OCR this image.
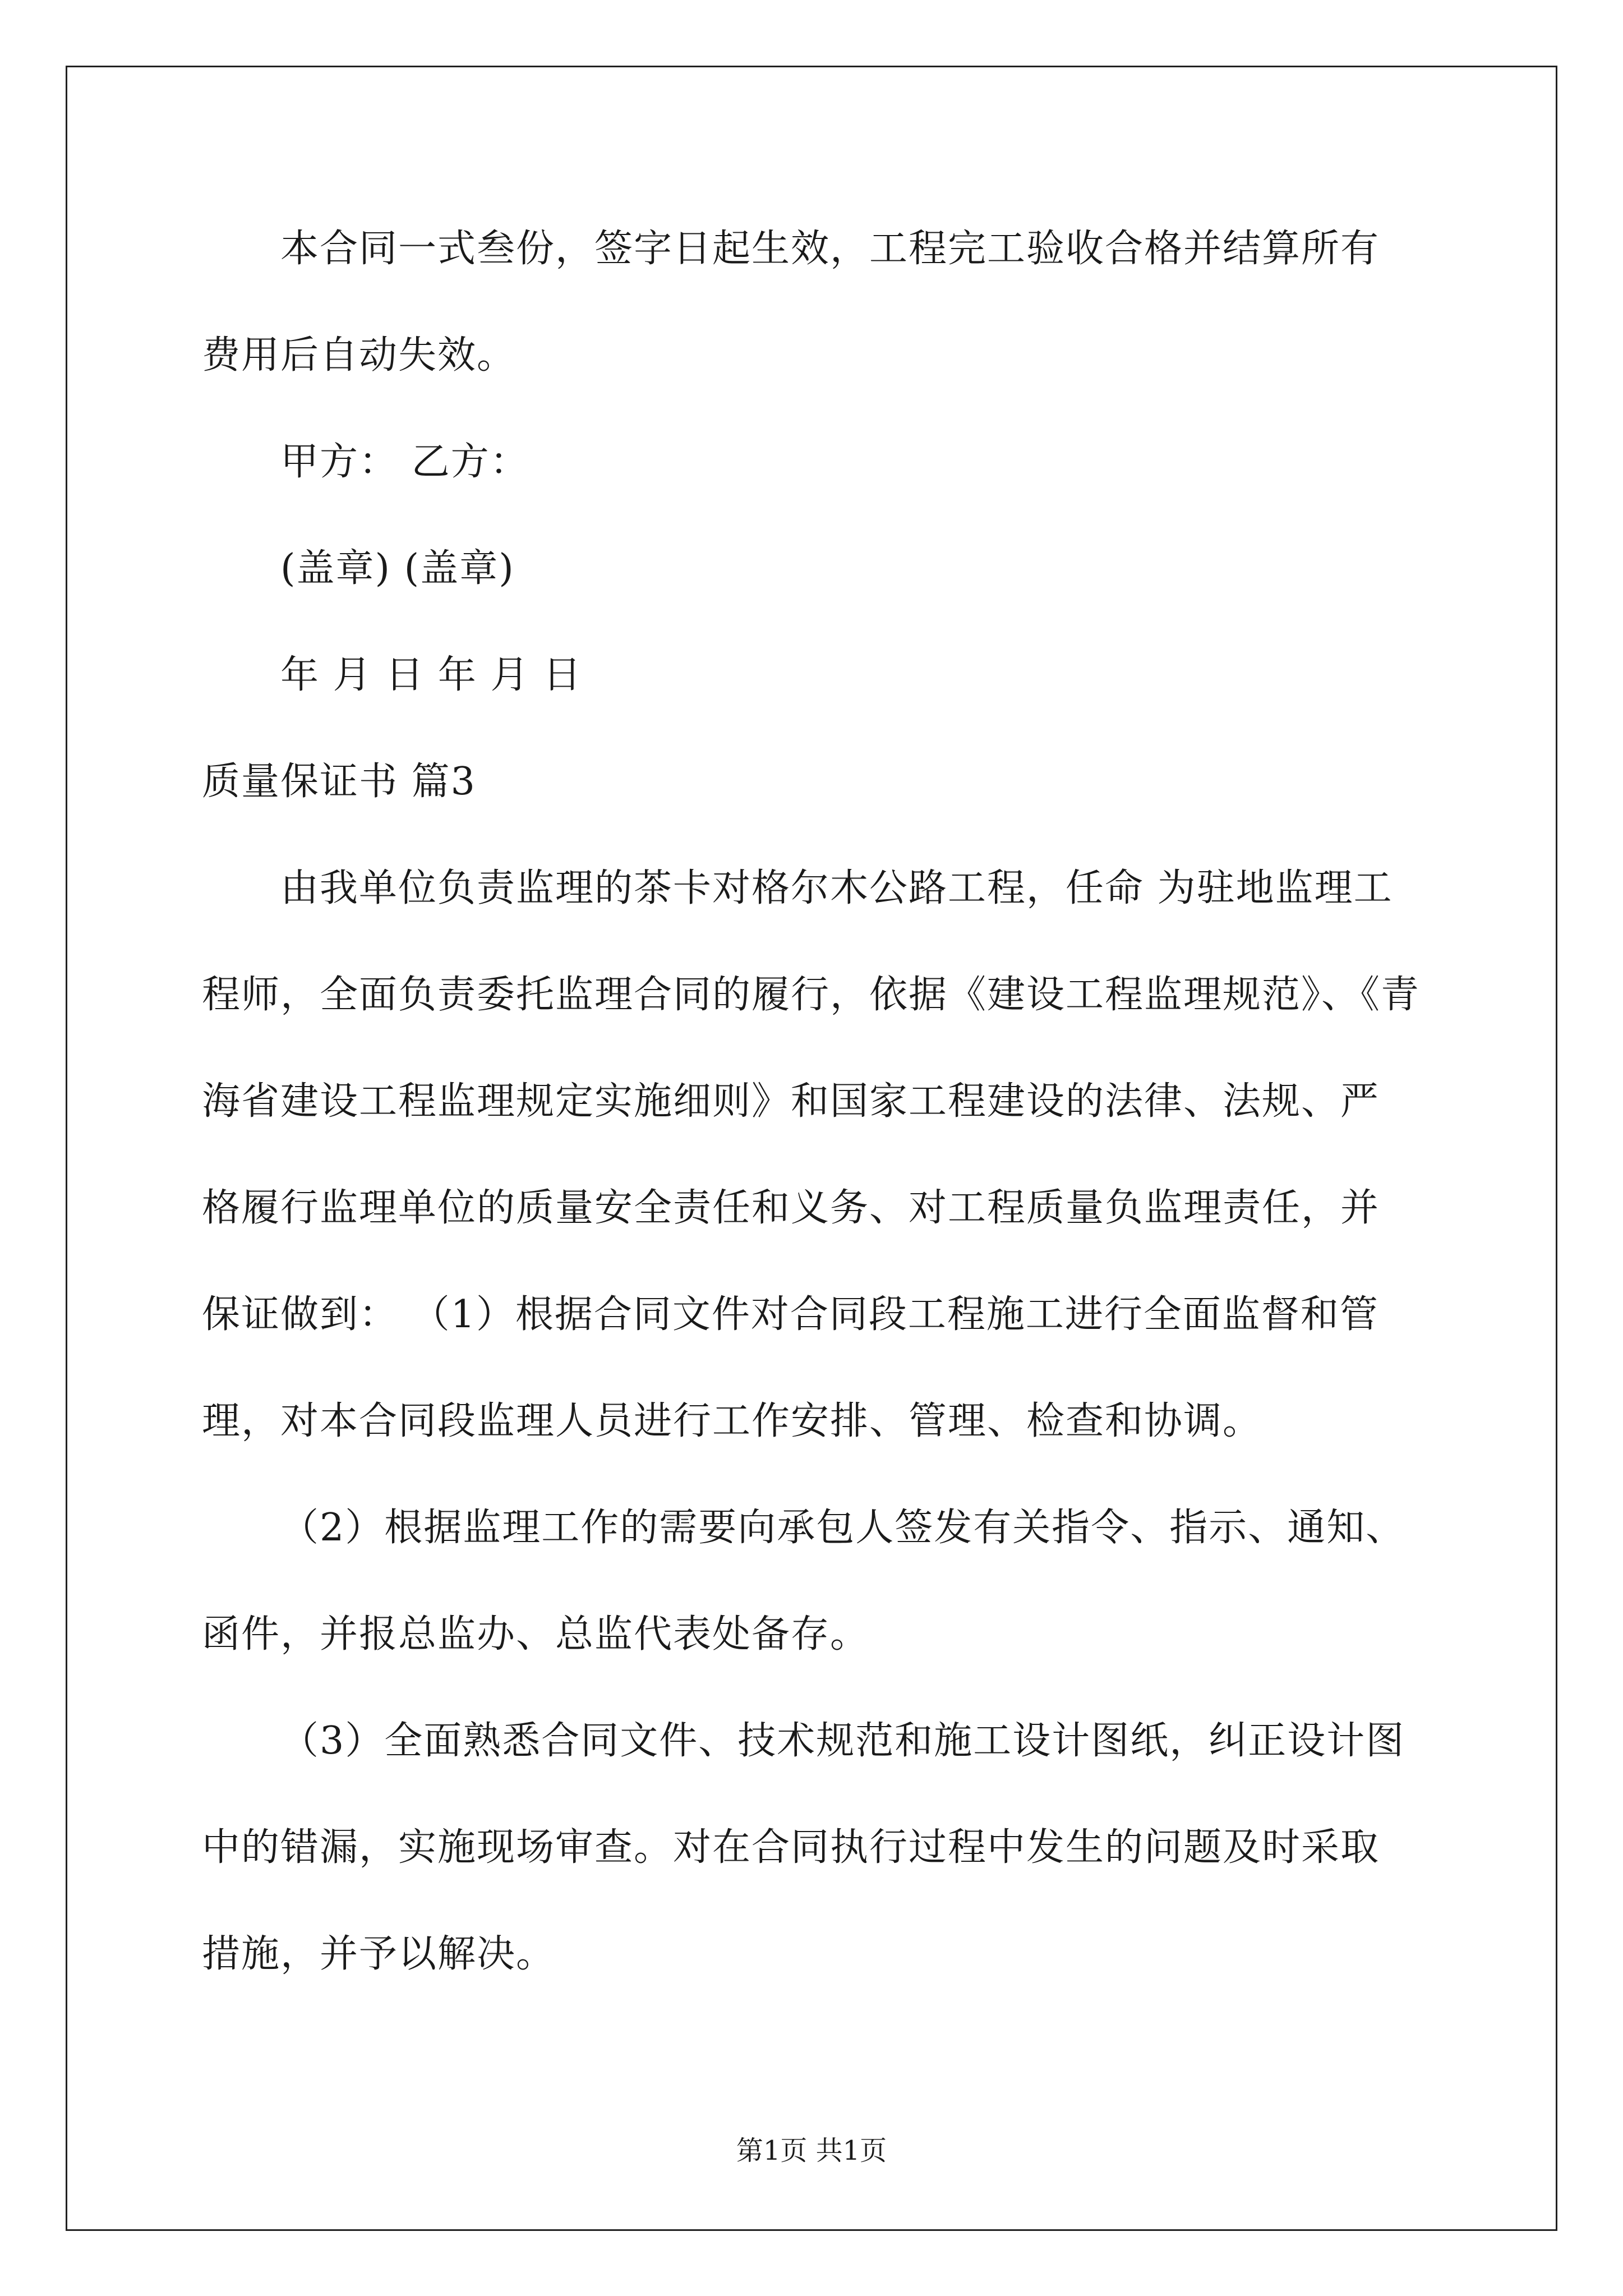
本合同一式叁份，签字日起生效，工程完工验收合格并结算所有
费用后自动失效。
甲方： 乙方：
(盖章) (盖章)
年 月 日 年 月 日
质量保证书 篇3
由我单位负责监理的茶卡对格尔木公路工程，任命 为驻地监理工
程师，全面负责委托监理合同的履行，依据《建设工程监理规范》、《青
海省建设工程监理规定实施细则》和国家工程建设的法律、法规、严
格履行监理单位的质量安全责任和义务、对工程质量负监理责任，并
保证做到： （1）根据合同文件对合同段工程施工进行全面监督和管
理，对本合同段监理人员进行工作安排、管理、检查和协调。
（2）根据监理工作的需要向承包人签发有关指令、指示、通知、
函件，并报总监办、总监代表处备存。
（3）全面熟悉合同文件、技术规范和施工设计图纸，纠正设计图
中的错漏，实施现场审查。对在合同执行过程中发生的问题及时采取
措施，并予以解决。
第1页 共1页
